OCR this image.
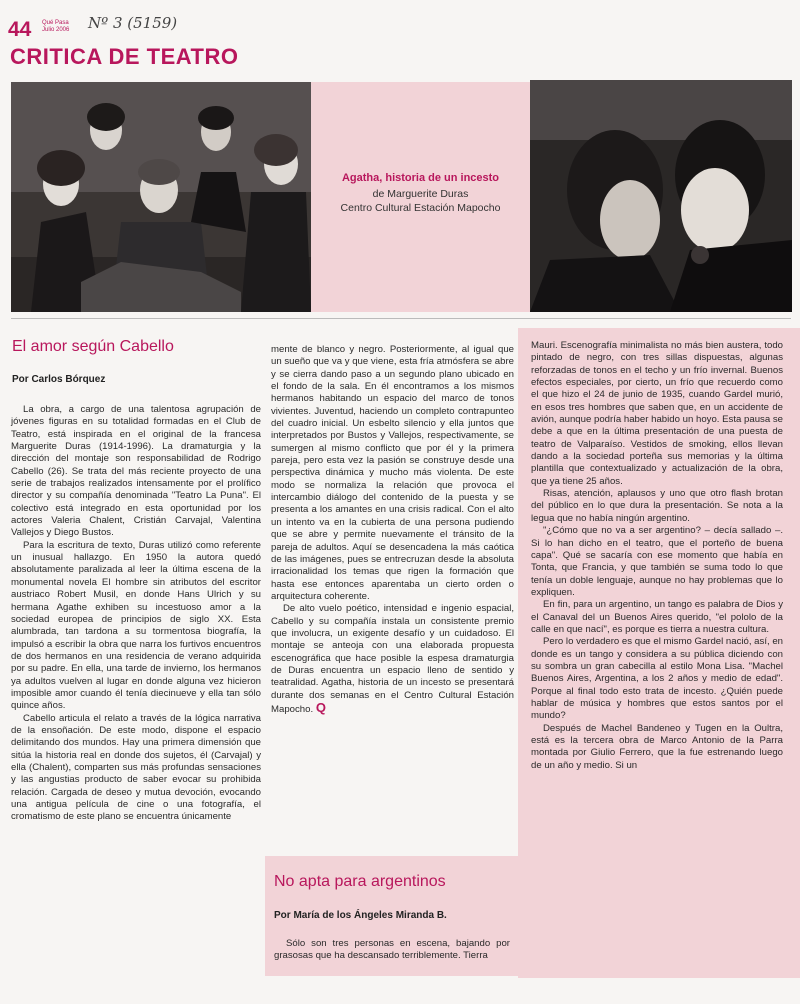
44 Qué Pasa
Julio 2006 Nº 3 (5159)
CRITICA DE TEATRO
Agatha, historia de un incesto
de Marguerite Duras
Centro Cultural Estación Mapocho
El amor según Cabello
Por Carlos Bórquez

La obra, a cargo de una talentosa agrupación de jóvenes figuras en su totalidad formadas en el Club de Teatro, está inspirada en el original de la francesa Marguerite Duras (1914-1996). La dramaturgia y la dirección del montaje son responsabilidad de Rodrigo Cabello (26). Se trata del más reciente proyecto de una serie de trabajos realizados intensamente por el prolífico director y su compañía denominada "Teatro La Puna". El colectivo está integrado en esta oportunidad por los actores Valeria Chalent, Cristián Carvajal, Valentina Vallejos y Diego Bustos.

Para la escritura de texto, Duras utilizó como referente un inusual hallazgo. En 1950 la autora quedó absolutamente paralizada al leer la última escena de la monumental novela El hombre sin atributos del escritor austriaco Robert Musil, en donde Hans Ulrich y su hermana Agathe exhiben su incestuoso amor a la sociedad europea de principios de siglo XX. Esta alumbrada, tan tardona a su tormentosa biografía, la impulsó a escribir la obra que narra los furtivos encuentros de dos hermanos en una residencia de verano adquirida por su padre. En ella, una tarde de invierno, los hermanos ya adultos vuelven al lugar en donde alguna vez hicieron imposible amor cuando él tenía diecinueve y ella tan sólo quince años.

Cabello articula el relato a través de la lógica narrativa de la ensoñación. De este modo, dispone el espacio delimitando dos mundos. Hay una primera dimensión que sitúa la historia real en donde dos sujetos, él (Carvajal) y ella (Chalent), comparten sus más profundas sensaciones y las angustias producto de saber evocar su prohibida relación. Cargada de deseo y mutua devoción, evocando una antigua película de cine o una fotografía, el cromatismo de este plano se encuentra únicamente

mente de blanco y negro. Posteriormente, al igual que un sueño que va y que viene, esta fría atmósfera se abre y se cierra dando paso a un segundo plano ubicado en el fondo de la sala. En él encontramos a los mismos hermanos habitando un espacio del marco de tonos vivientes. Juventud, haciendo un completo contrapunteo del cuadro inicial. Un esbelto silencio y ella juntos que interpretados por Bustos y Vallejos, respectivamente, se sumergen al mismo conflicto que por él y la primera pareja, pero esta vez la pasión se construye desde una perspectiva dinámica y mucho más violenta. De este modo se normaliza la relación que provoca el intercambio diálogo del contenido de la puesta y se presenta a los amantes en una crisis radical. Con el alto un intento va en la cubierta de una persona pudiendo que se abre y permite nuevamente el tránsito de la pareja de adultos. Aquí se desencadena la más caótica de las imágenes, pues se entrecruzan desde la absoluta irracionalidad los temas que rigen la formación que hasta ese entonces aparentaba un cierto orden o arquitectura coherente.

De alto vuelo poético, intensidad e ingenio espacial, Cabello y su compañía instala un consistente premio que involucra, un exigente desafío y un cuidadoso. El montaje se anteoja con una elaborada propuesta escenográfica que hace posible la espesa dramaturgia de Duras encuentra un espacio lleno de sentido y teatralidad. Agatha, historia de un incesto se presentará durante dos semanas en el Centro Cultural Estación Mapocho. Q

No apta para argentinos
Por María de los Ángeles Miranda B.

Sólo son tres personas en escena, bajando por grasosas que ha descansado terriblemente. Tierra

Mauri. Escenografía minimalista no más bien austera, todo pintado de negro, con tres sillas dispuestas, algunas reforzadas de tonos en el techo y un frío invernal. Buenos efectos especiales, por cierto, un frío que recuerdo como el que hizo el 24 de junio de 1935, cuando Gardel murió, en esos tres hombres que saben que, en un accidente de avión, aunque podría haber habido un hoyo. Esta pausa se debe a que en la última presentación de una puesta de teatro de Valparaíso. Vestidos de smoking, ellos llevan dando a la sociedad porteña sus memorias y la última plantilla que contextualizado y actualización de la obra, que ya tiene 25 años.

Risas, atención, aplausos y uno que otro flash brotan del público en lo que dura la presentación. Se nota a la legua que no había ningún argentino.

"¿Cómo que no va a ser argentino? – decía sallado –. Si lo han dicho en el teatro, que el porteño de buena capa". Qué se sacaría con ese momento que había en Tonta, que Francia, y que también se suma todo lo que tenía un doble lenguaje, aunque no hay problemas que lo expliquen.

En fin, para un argentino, un tango es palabra de Dios y el Canaval del un Buenos Aires querido, "el pololo de la calle en que nací", es porque es tierra a nuestra cultura.

Pero lo verdadero es que el mismo Gardel nació, así, en donde es un tango y considera a su pública diciendo con su sombra un gran cabecilla al estilo Mona Lisa. "Machel Buenos Aires, Argentina, a los 2 años y medio de edad". Porque al final todo esto trata de incesto. ¿Quién puede hablar de música y hombres que estos santos por el mundo?

Después de Machel Bandeneo y Tugen en la Oultra, está es la tercera obra de Marco Antonio de la Parra montada por Giulio Ferrero, que la fue estrenando luego de un año y medio. Si un
